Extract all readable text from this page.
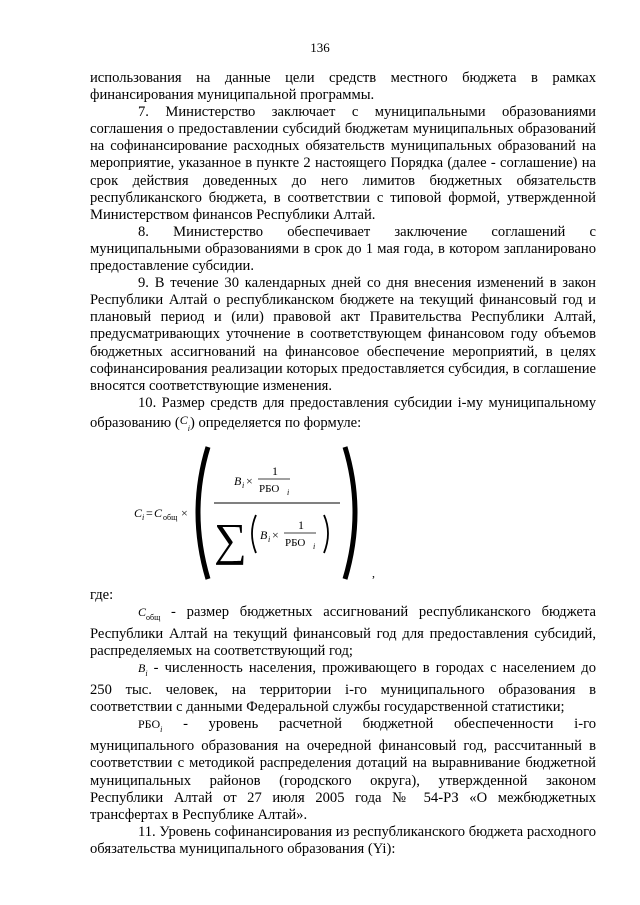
136

использования на данные цели средств местного бюджета в рамках финансирования муниципальной программы.

7. Министерство заключает с муниципальными образованиями соглашения о предоставлении субсидий бюджетам муниципальных образований на софинансирование расходных обязательств муниципальных образований на мероприятие, указанное в пункте 2 настоящего Порядка (далее - соглашение) на срок действия доведенных до него лимитов бюджетных обязательств республиканского бюджета, в соответствии с типовой формой, утвержденной Министерством финансов Республики Алтай.

8. Министерство обеспечивает заключение соглашений с муниципальными образованиями в срок до 1 мая года, в котором запланировано предоставление субсидии.

9. В течение 30 календарных дней со дня внесения изменений в закон Республики Алтай о республиканском бюджете на текущий финансовый год и плановый период и (или) правовой акт Правительства Республики Алтай, предусматривающих уточнение в соответствующем финансовом году объемов бюджетных ассигнований на финансовое обеспечение мероприятий, в целях софинансирования реализации которых предоставляется субсидия, в соглашение вносятся соответствующие изменения.

10. Размер средств для предоставления субсидии i-му муниципальному образованию ($^C_i$) определяется по формуле:

C i = C общ ×
B i ×
1
РБО i
∑ B i ×
1
РБО i
,

где:

$C_{общ}$ - размер бюджетных ассигнований республиканского бюджета Республики Алтай на текущий финансовый год для предоставления субсидий, распределяемых на соответствующий год;

$B_i$ - численность населения, проживающего в городах с населением до 250 тыс. человек, на территории i-го муниципального образования в соответствии с данными Федеральной службы государственной статистики;

$РБО_i$ - уровень расчетной бюджетной обеспеченности i-го муниципального образования на очередной финансовый год, рассчитанный в соответствии с методикой распределения дотаций на выравнивание бюджетной муниципальных районов (городского округа), утвержденной законом Республики Алтай от 27 июля 2005 года № 54-РЗ «О межбюджетных трансфертах в Республике Алтай».

11. Уровень софинансирования из республиканского бюджета расходного обязательства муниципального образования (Yi):
